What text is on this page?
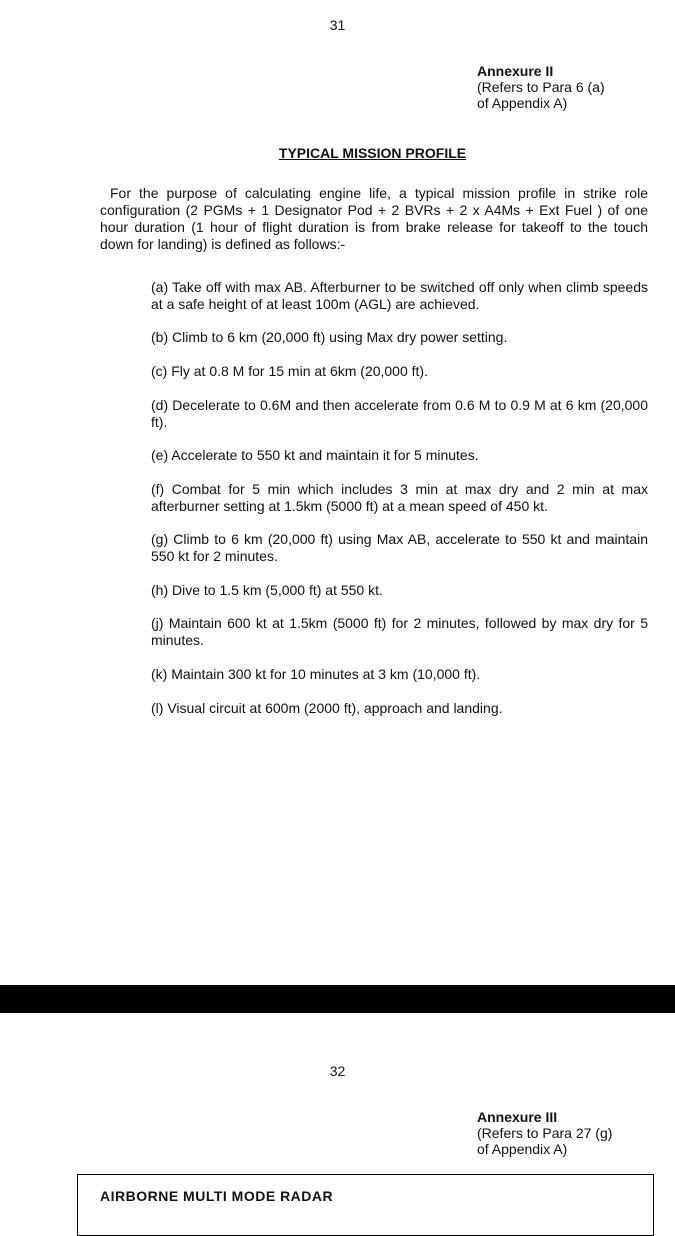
31
Annexure II
(Refers to Para 6 (a)
of Appendix A)
TYPICAL MISSION PROFILE
For the purpose of calculating engine life, a typical mission profile in strike role configuration (2 PGMs + 1 Designator Pod + 2 BVRs + 2 x A4Ms + Ext Fuel ) of one hour duration (1 hour of flight duration is from brake release for takeoff to the touch down for landing) is defined as follows:-
(a) Take off with max AB. Afterburner to be switched off only when climb speeds at a safe height of at least 100m (AGL) are achieved.
(b) Climb to 6 km (20,000 ft) using Max dry power setting.
(c) Fly at 0.8 M for 15 min at 6km (20,000 ft).
(d) Decelerate to 0.6M and then accelerate from 0.6 M to 0.9 M at 6 km (20,000 ft).
(e) Accelerate to 550 kt and maintain it for 5 minutes.
(f) Combat for 5 min which includes 3 min at max dry and 2 min at max afterburner setting at 1.5km (5000 ft) at a mean speed of 450 kt.
(g) Climb to 6 km (20,000 ft) using Max AB, accelerate to 550 kt and maintain 550 kt for 2 minutes.
(h) Dive to 1.5 km (5,000 ft) at 550 kt.
(j) Maintain 600 kt at 1.5km (5000 ft) for 2 minutes, followed by max dry for 5 minutes.
(k) Maintain 300 kt for 10 minutes at 3 km (10,000 ft).
(l) Visual circuit at 600m (2000 ft), approach and landing.
32
Annexure III
(Refers to Para 27 (g)
of Appendix A)
AIRBORNE MULTI MODE RADAR
